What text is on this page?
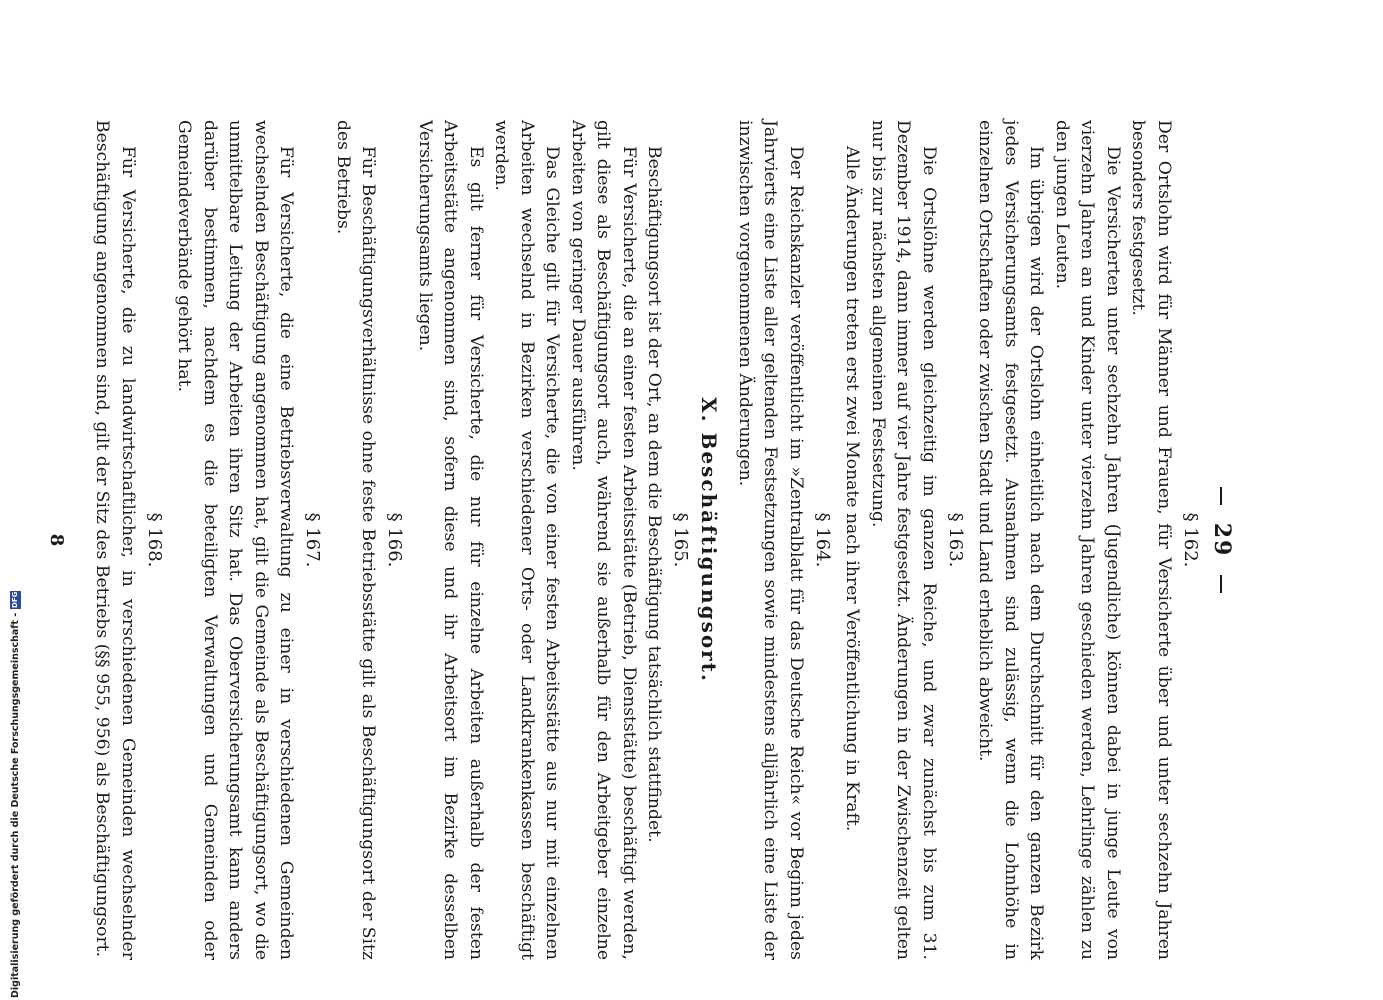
29
§ 162.

Der Ortslohn wird für Männer und Frauen, für Versicherte über und unter sechzehn Jahren besonders festgesetzt.

Die Versicherten unter sechzehn Jahren (Jugendliche) können dabei in junge Leute von vierzehn Jahren an und Kinder unter vierzehn Jahren geschieden werden, Lehrlinge zählen zu den jungen Leuten.

Im übrigen wird der Ortslohn einheitlich nach dem Durchschnitt für den ganzen Bezirk jedes Versicherungsamts festgesetzt. Ausnahmen sind zulässig, wenn die Lohnhöhe in einzelnen Ortschaften oder zwischen Stadt und Land erheblich abweicht.

§ 163.

Die Ortslöhne werden gleichzeitig im ganzen Reiche, und zwar zunächst bis zum 31. Dezember 1914, dann immer auf vier Jahre festgesetzt. Änderungen in der Zwischenzeit gelten nur bis zur nächsten allgemeinen Festsetzung.

Alle Änderungen treten erst zwei Monate nach ihrer Veröffentlichung in Kraft.

§ 164.

Der Reichskanzler veröffentlicht im »Zentralblatt für das Deutsche Reich« vor Beginn jedes Jahrvierts eine Liste aller geltenden Festsetzungen sowie mindestens alljährlich eine Liste der inzwischen vorgenommenen Änderungen.

X. Beschäftigungsort.
§ 165.

Beschäftigungsort ist der Ort, an dem die Beschäftigung tatsächlich stattfindet.

Für Versicherte, die an einer festen Arbeitsstätte (Betrieb, Dienststätte) beschäftigt werden, gilt diese als Beschäftigungsort auch, während sie außerhalb für den Arbeitgeber einzelne Arbeiten von geringer Dauer ausführen.

Das Gleiche gilt für Versicherte, die von einer festen Arbeitsstätte aus nur mit einzelnen Arbeiten wechselnd in Bezirken verschiedener Orts- oder Landkrankenkassen beschäftigt werden.

Es gilt ferner für Versicherte, die nur für einzelne Arbeiten außerhalb der festen Arbeitsstätte angenommen sind, sofern diese und ihr Arbeitsort im Bezirke desselben Versicherungsamts liegen.

§ 166.

Für Beschäftigungsverhältnisse ohne feste Betriebsstätte gilt als Beschäftigungsort der Sitz des Betriebs.

§ 167.

Für Versicherte, die eine Betriebsverwaltung zu einer in verschiedenen Gemeinden wechselnden Beschäftigung angenommen hat, gilt die Gemeinde als Beschäftigungsort, wo die unmittelbare Leitung der Arbeiten ihren Sitz hat. Das Oberversicherungsamt kann anders darüber bestimmen, nachdem es die beteiligten Verwaltungen und Gemeinden oder Gemeindeverbände gehört hat.

§ 168.

Für Versicherte, die zu landwirtschaftlicher, in verschiedenen Gemeinden wechselnder Beschäftigung angenommen sind, gilt der Sitz des Betriebs (§§ 955, 956) als Beschäftigungsort.

8
Digitalisierung gefördert durch die Deutsche Forschungsgemeinschaft -DFG
